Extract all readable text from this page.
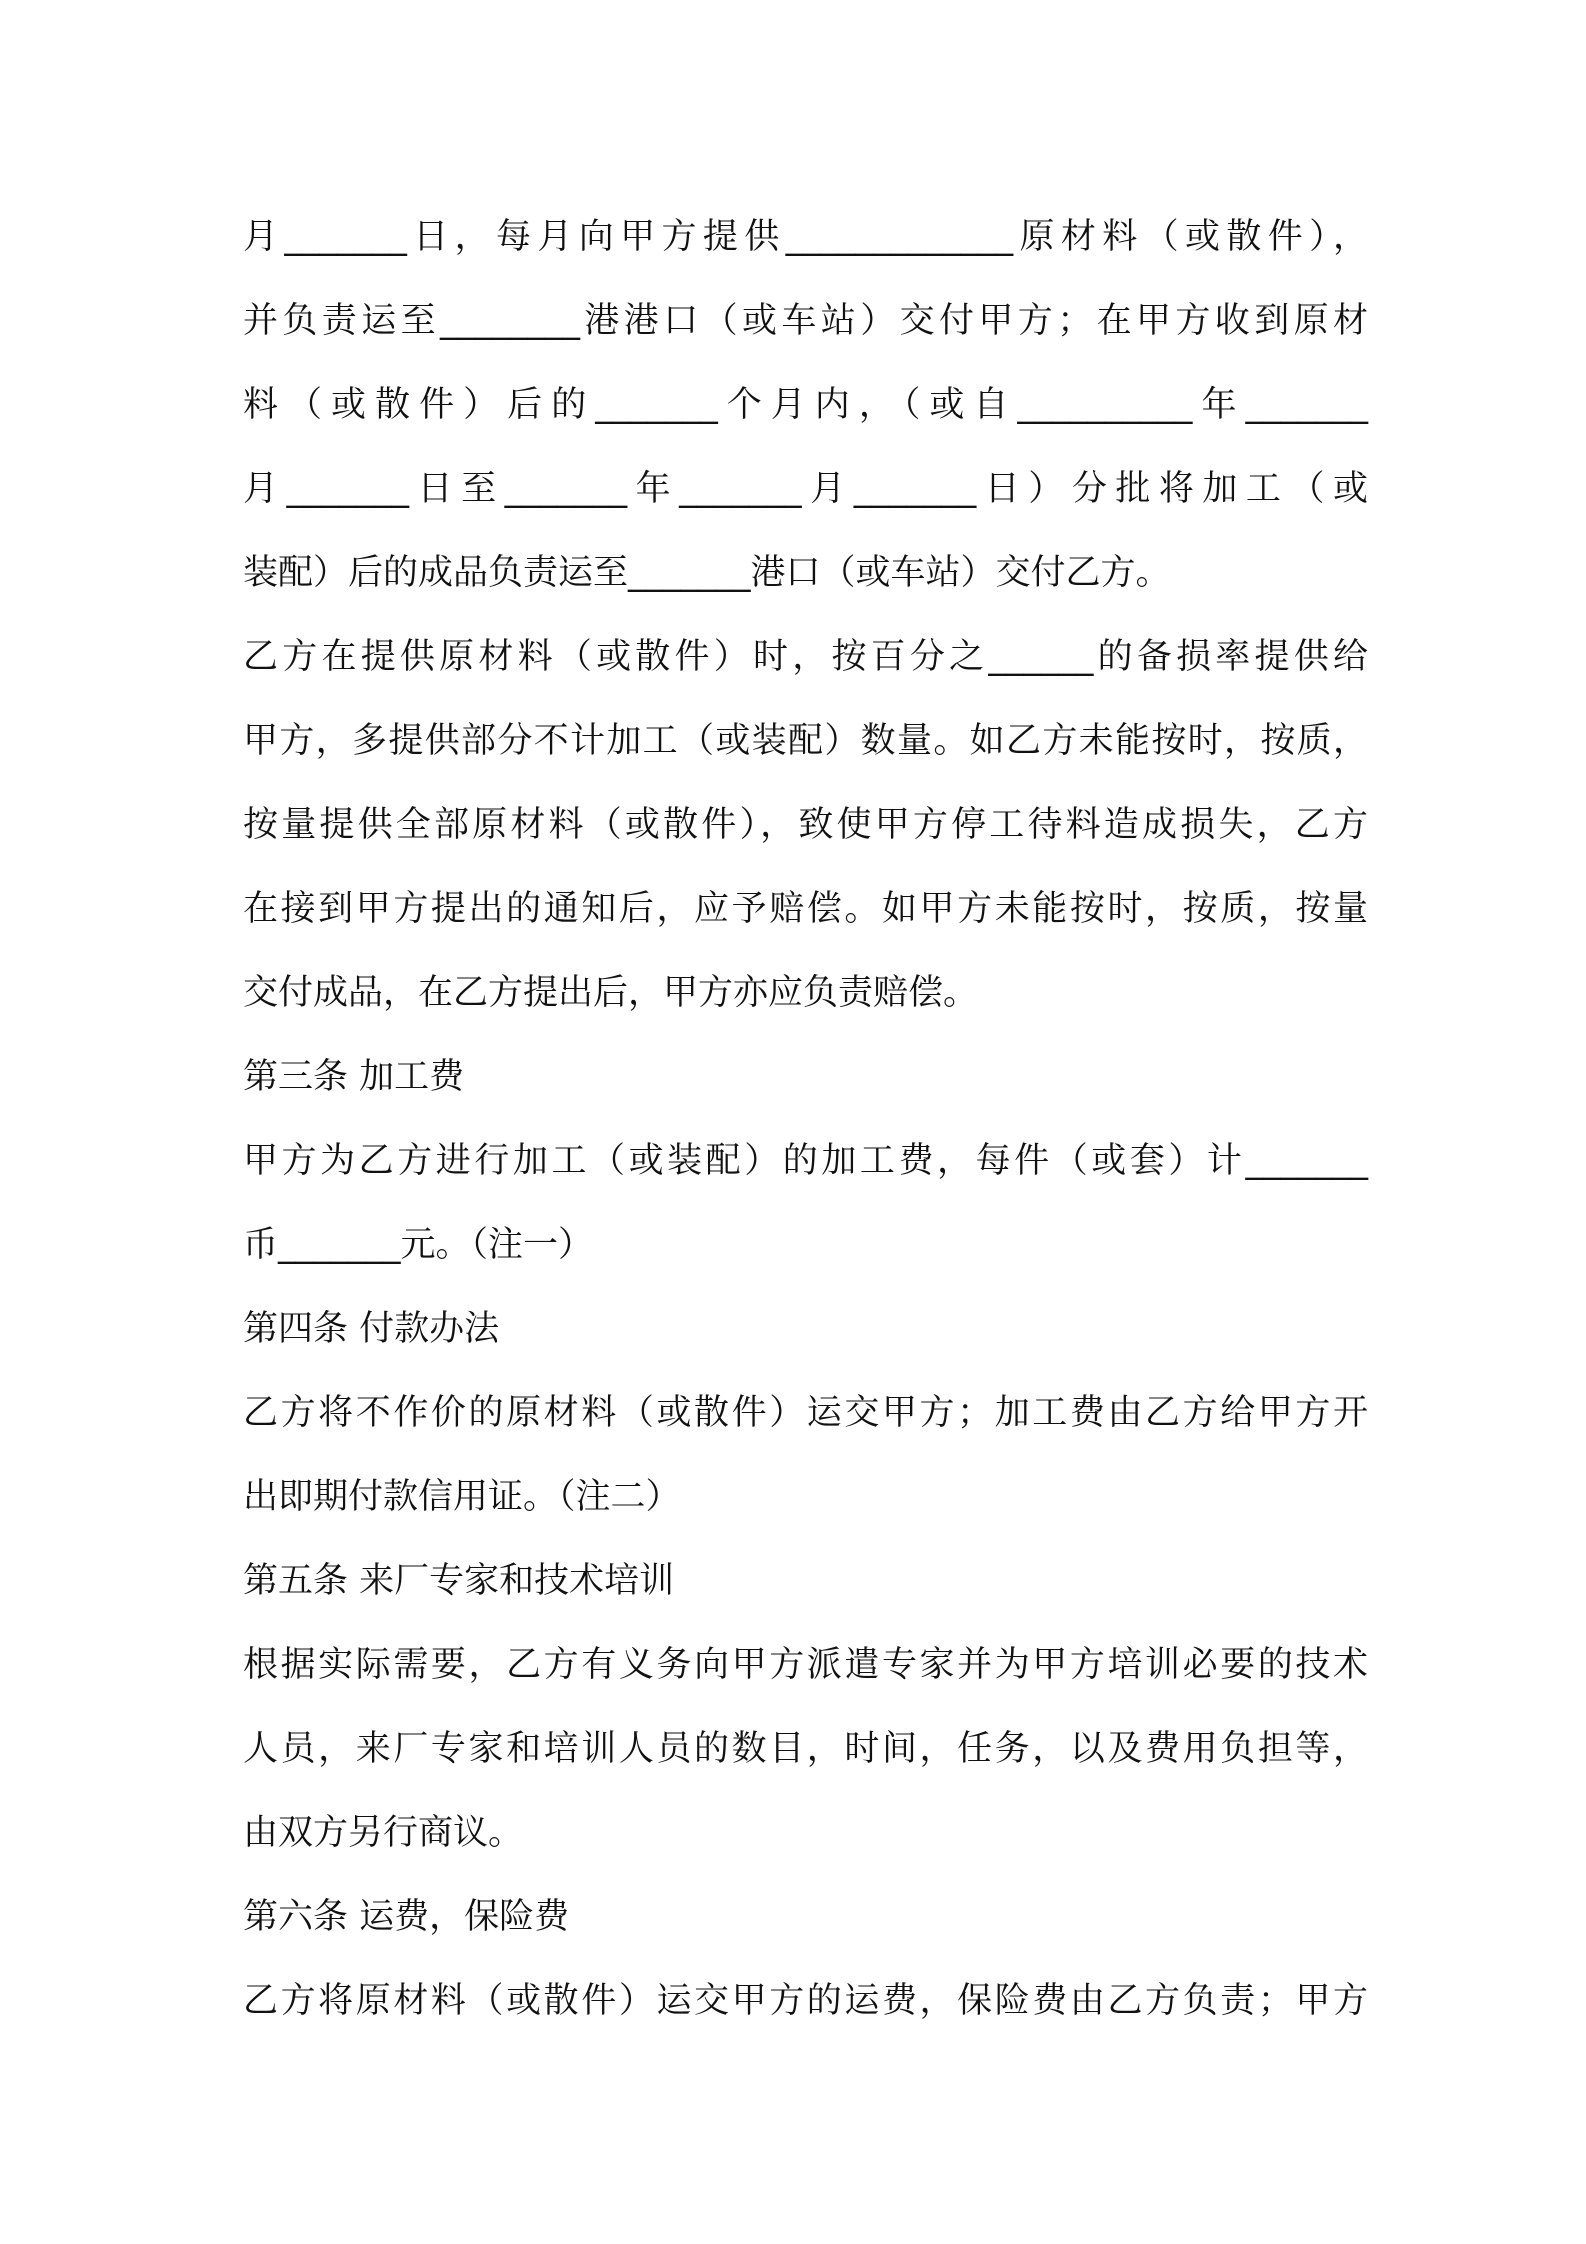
月_______日，每月向甲方提供_____________原材料（或散件），
并负责运至________港港口（或车站）交付甲方；在甲方收到原材
料（或散件）后的_______个月内，（或自__________年_______
月_______日至_______年_______月_______日）分批将加工（或
装配）后的成品负责运至_______港口（或车站）交付乙方。
乙方在提供原材料（或散件）时，按百分之______的备损率提供给
甲方，多提供部分不计加工（或装配）数量。如乙方未能按时，按质，
按量提供全部原材料（或散件），致使甲方停工待料造成损失，乙方
在接到甲方提出的通知后，应予赔偿。如甲方未能按时，按质，按量
交付成品，在乙方提出后，甲方亦应负责赔偿。
第三条 加工费
甲方为乙方进行加工（或装配）的加工费，每件（或套）计_______
币_______元。（注一）
第四条 付款办法
乙方将不作价的原材料（或散件）运交甲方；加工费由乙方给甲方开
出即期付款信用证。（注二）
第五条 来厂专家和技术培训
根据实际需要，乙方有义务向甲方派遣专家并为甲方培训必要的技术
人员，来厂专家和培训人员的数目，时间，任务，以及费用负担等，
由双方另行商议。
第六条 运费，保险费
乙方将原材料（或散件）运交甲方的运费，保险费由乙方负责；甲方
